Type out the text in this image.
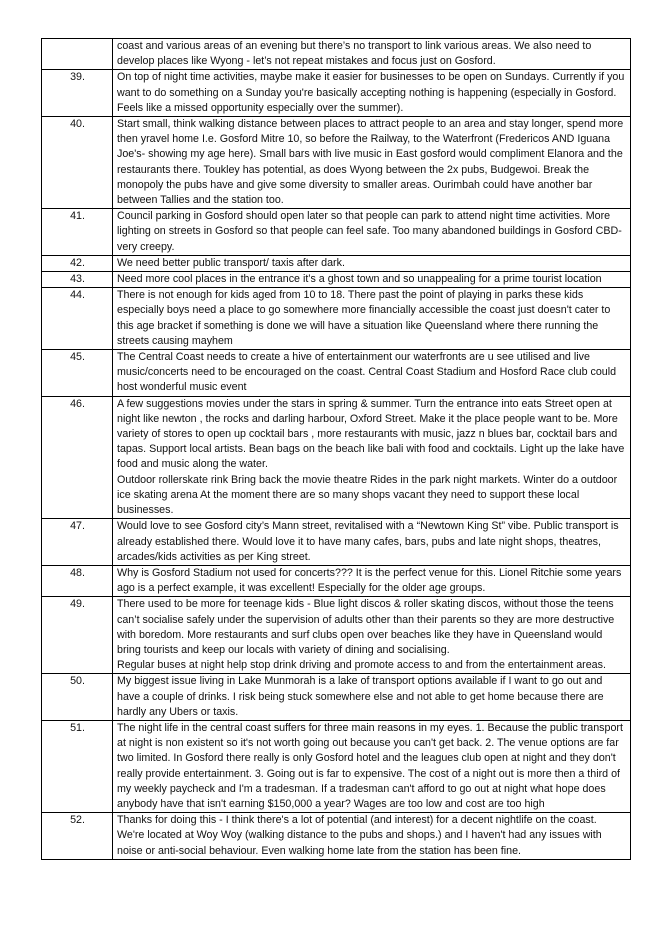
	coast and various areas of an evening but there’s no transport to link various areas. We also need to develop places like Wyong - let’s not repeat mistakes and focus just on Gosford.
39.	On top of night time activities, maybe make it easier for businesses to be open on Sundays. Currently if you want to do something on a Sunday you're basically accepting nothing is happening (especially in Gosford. Feels like a missed opportunity especially over the summer).
40.	Start small, think walking distance between places to attract people to an area and stay longer, spend more then yravel home I.e. Gosford Mitre 10, so before the Railway, to the Waterfront (Fredericos AND Iguana Joe's- showing my age here). Small bars with live music in East gosford would compliment Elanora and the restaurants there. Toukley has potential, as does Wyong between the 2x pubs, Budgewoi. Break the monopoly the pubs have and give some diversity to smaller areas. Ourimbah could have another bar between Tallies and the station too.
41.	Council parking in Gosford should open later so that people can park to attend night time activities. More lighting on streets in Gosford so that people can feel safe. Too many abandoned buildings in Gosford CBD- very creepy.
42.	We need better public transport/ taxis after dark.
43.	Need more cool places in the entrance it’s a ghost town and so unappealing for a prime tourist location
44.	There is not enough for kids aged from 10 to 18. There past the point of playing in parks these kids especially boys need a place to go somewhere more financially accessible the coast just doesn't cater to this age bracket if something is done we will have a situation like Queensland where there running the streets causing mayhem
45.	The Central Coast needs to create a hive of entertainment our waterfronts are u see utilised and live music/concerts need to be encouraged on the coast. Central Coast Stadium and Hosford Race club could host wonderful music event
46.	A few suggestions movies under the stars in spring & summer. Turn the entrance into eats Street open at night like newton , the rocks and darling harbour, Oxford Street. Make it the place people want to be. More variety of stores to open up cocktail bars , more restaurants with music, jazz n blues bar, cocktail bars and tapas. Support local artists. Bean bags on the beach like bali with food and cocktails. Light up the lake have food and music along the water.
Outdoor rollerskate rink Bring back the movie theatre Rides in the park night markets. Winter do a outdoor ice skating arena At the moment there are so many shops vacant they need to support these local businesses.
47.	Would love to see Gosford city’s Mann street, revitalised with a “Newtown King St” vibe. Public transport is already established there. Would love it to have many cafes, bars, pubs and late night shops, theatres, arcades/kids activities as per King street.
48.	Why is Gosford Stadium not used for concerts??? It is the perfect venue for this. Lionel Ritchie some years ago is a perfect example, it was excellent! Especially for the older age groups.
49.	There used to be more for teenage kids - Blue light discos & roller skating discos, without those the teens can’t socialise safely under the supervision of adults other than their parents so they are more destructive with boredom. More restaurants and surf clubs open over beaches like they have in Queensland would bring tourists and keep our locals with variety of dining and socialising.
Regular buses at night help stop drink driving and promote access to and from the entertainment areas.
50.	My biggest issue living in Lake Munmorah is a lake of transport options available if I want to go out and have a couple of drinks. I risk being stuck somewhere else and not able to get home because there are hardly any Ubers or taxis.
51.	The night life in the central coast suffers for three main reasons in my eyes. 1. Because the public transport at night is non existent so it's not worth going out because you can't get back. 2. The venue options are far two limited. In Gosford there really is only Gosford hotel and the leagues club open at night and they don't really provide entertainment. 3. Going out is far to expensive. The cost of a night out is more then a third of my weekly paycheck and I'm a tradesman. If a tradesman can't afford to go out at night what hope does anybody have that isn't earning $150,000 a year? Wages are too low and cost are too high
52.	Thanks for doing this - I think there's a lot of potential (and interest) for a decent nightlife on the coast. We're located at Woy Woy (walking distance to the pubs and shops.) and I haven't had any issues with noise or anti-social behaviour. Even walking home late from the station has been fine.
